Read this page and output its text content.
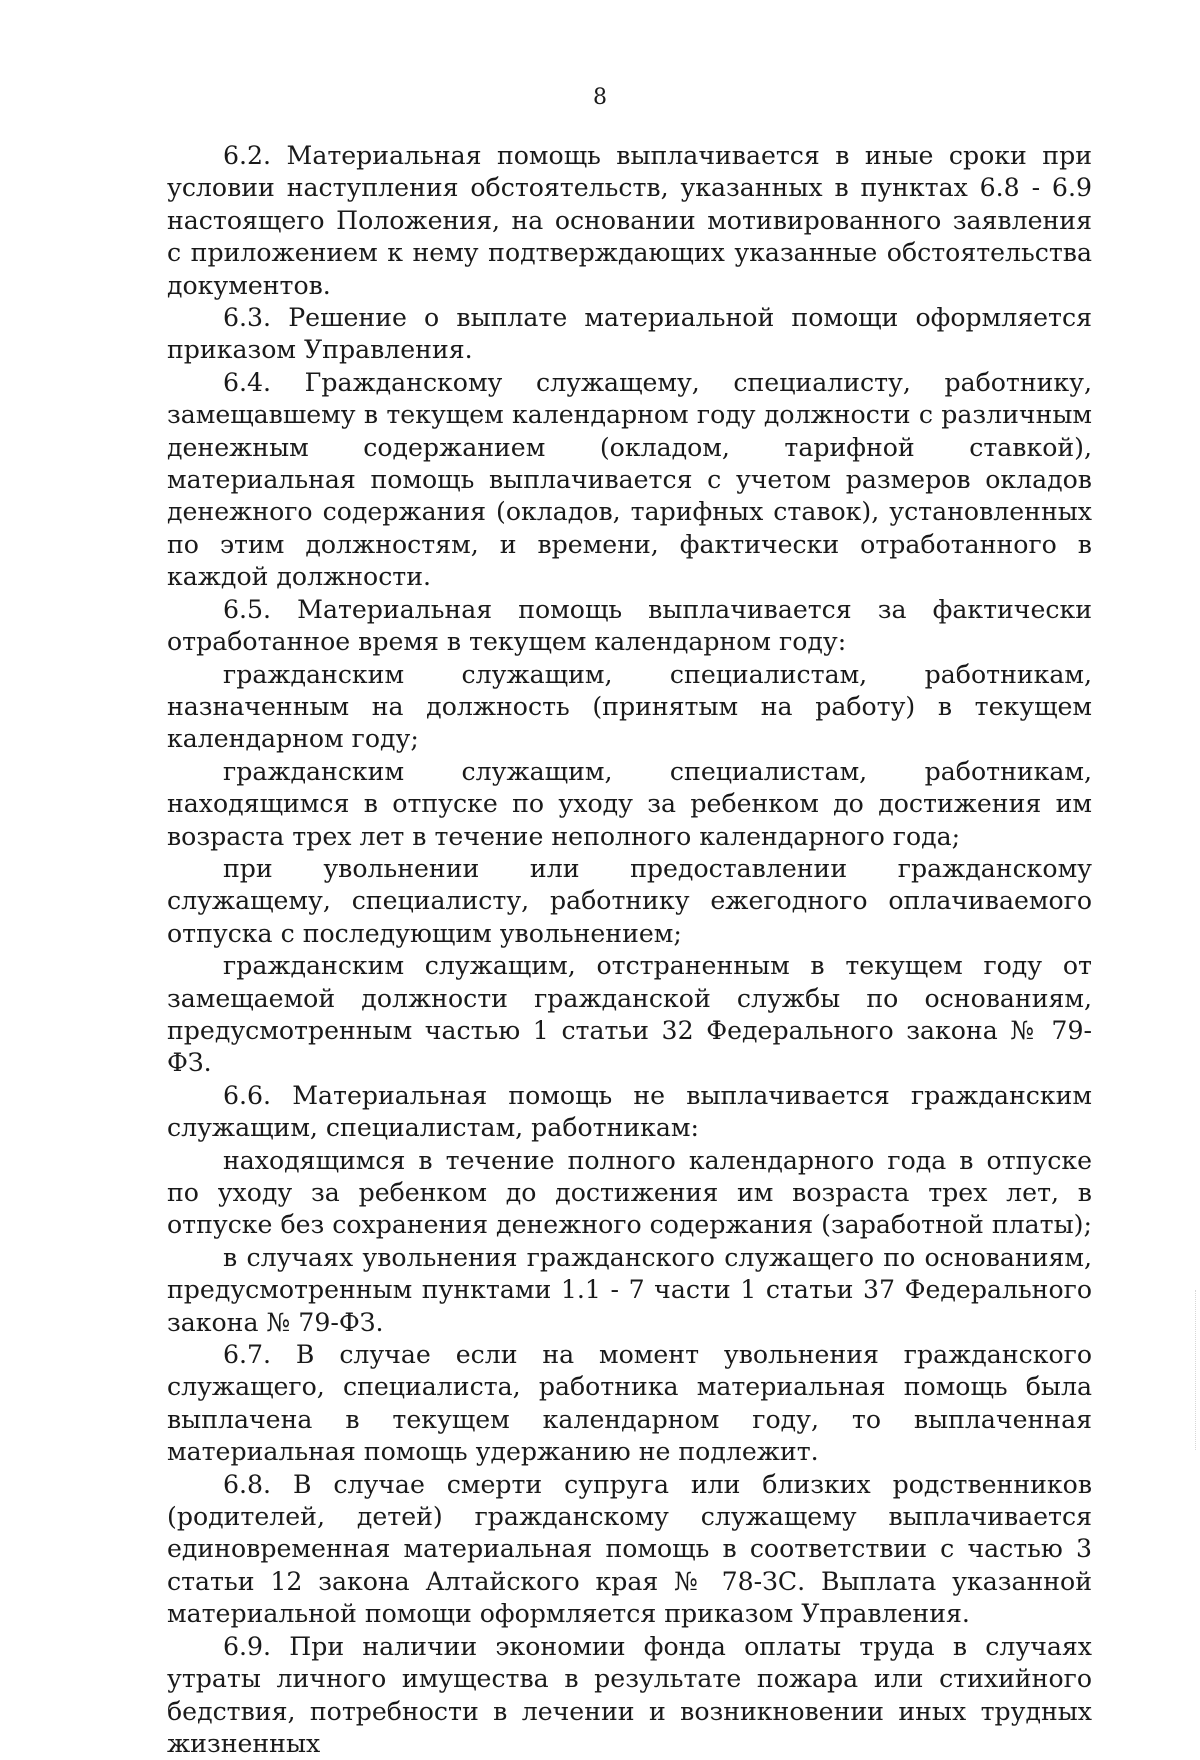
8

6.2. Материальная помощь выплачивается в иные сроки при условии наступления обстоятельств, указанных в пунктах 6.8 - 6.9 настоящего Положения, на основании мотивированного заявления с приложением к нему подтверждающих указанные обстоятельства документов.

6.3. Решение о выплате материальной помощи оформляется приказом Управления.

6.4. Гражданскому служащему, специалисту, работнику, замещавшему в текущем календарном году должности с различным денежным содержанием (окладом, тарифной ставкой), материальная помощь выплачивается с учетом размеров окладов денежного содержания (окладов, тарифных ставок), установленных по этим должностям, и времени, фактически отработанного в каждой должности.

6.5. Материальная помощь выплачивается за фактически отработанное время в текущем календарном году:

гражданским служащим, специалистам, работникам, назначенным на должность (принятым на работу) в текущем календарном году;

гражданским служащим, специалистам, работникам, находящимся в отпуске по уходу за ребенком до достижения им возраста трех лет в течение неполного календарного года;

при увольнении или предоставлении гражданскому служащему, специалисту, работнику ежегодного оплачиваемого отпуска с последующим увольнением;

гражданским служащим, отстраненным в текущем году от замещаемой должности гражданской службы по основаниям, предусмотренным частью 1 статьи 32 Федерального закона № 79-ФЗ.

6.6. Материальная помощь не выплачивается гражданским служащим, специалистам, работникам:

находящимся в течение полного календарного года в отпуске по уходу за ребенком до достижения им возраста трех лет, в отпуске без сохранения денежного содержания (заработной платы);

в случаях увольнения гражданского служащего по основаниям, предусмотренным пунктами 1.1 - 7 части 1 статьи 37 Федерального закона № 79-ФЗ.

6.7. В случае если на момент увольнения гражданского служащего, специалиста, работника материальная помощь была выплачена в текущем календарном году, то выплаченная материальная помощь удержанию не подлежит.

6.8. В случае смерти супруга или близких родственников (родителей, детей) гражданскому служащему выплачивается единовременная материальная помощь в соответствии с частью 3 статьи 12 закона Алтайского края № 78-ЗС. Выплата указанной материальной помощи оформляется приказом Управления.

6.9. При наличии экономии фонда оплаты труда в случаях утраты личного имущества в результате пожара или стихийного бедствия, потребности в лечении и возникновении иных трудных жизненных
